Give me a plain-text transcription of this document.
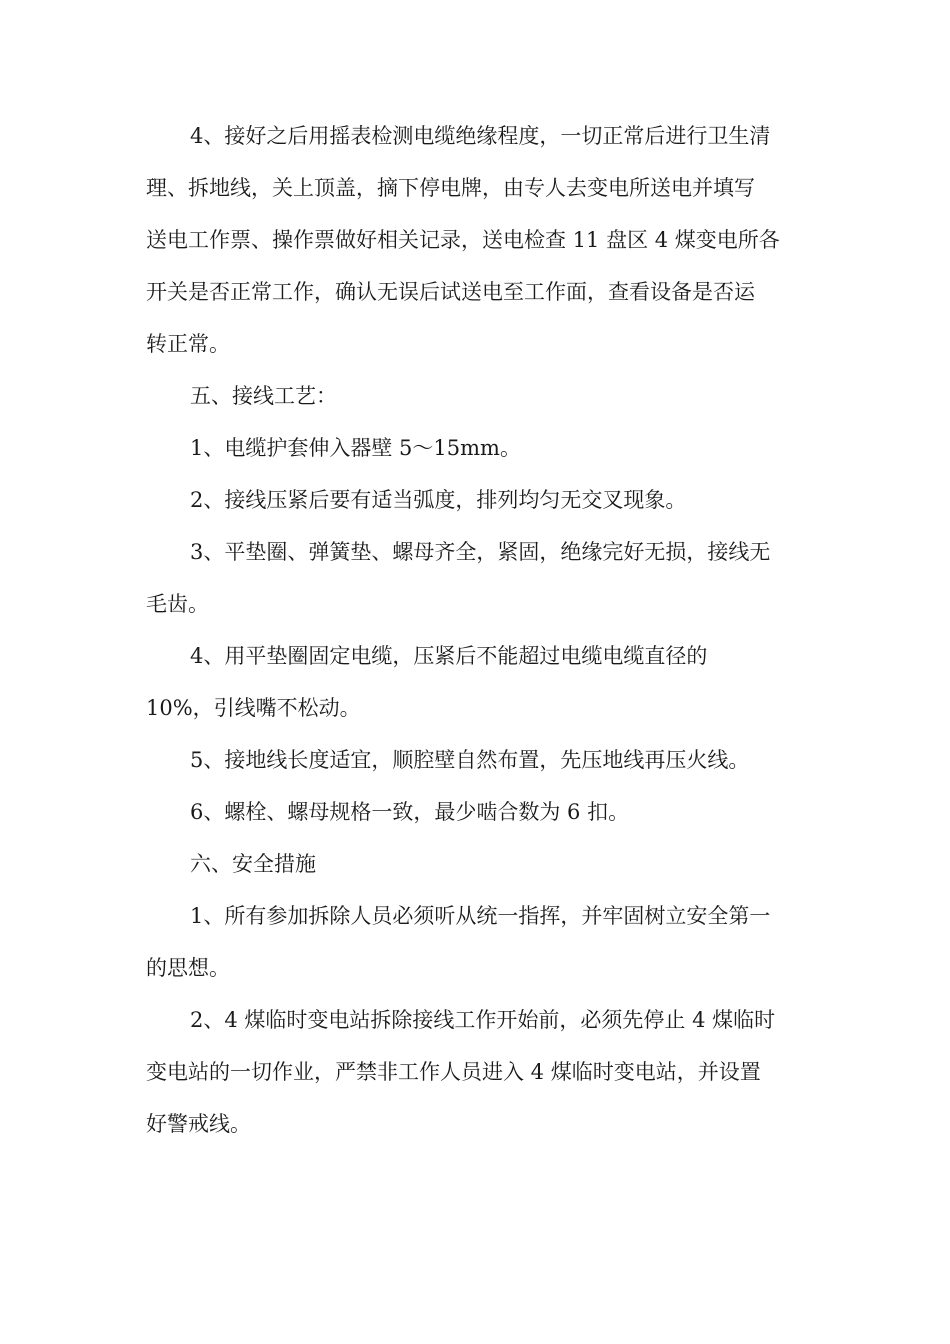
4、接好之后用摇表检测电缆绝缘程度，一切正常后进行卫生清
理、拆地线，关上顶盖，摘下停电牌，由专人去变电所送电并填写
送电工作票、操作票做好相关记录，送电检查 11 盘区 4 煤变电所各
开关是否正常工作，确认无误后试送电至工作面，查看设备是否运
转正常。
五、接线工艺：
1、电缆护套伸入器壁 5～15mm。
2、接线压紧后要有适当弧度，排列均匀无交叉现象。
3、平垫圈、弹簧垫、螺母齐全，紧固，绝缘完好无损，接线无
毛齿。
4、用平垫圈固定电缆，压紧后不能超过电缆电缆直径的
10%，引线嘴不松动。
5、接地线长度适宜，顺腔壁自然布置，先压地线再压火线。
6、螺栓、螺母规格一致，最少啮合数为 6 扣。
六、安全措施
1、所有参加拆除人员必须听从统一指挥，并牢固树立安全第一
的思想。
2、4 煤临时变电站拆除接线工作开始前，必须先停止 4 煤临时
变电站的一切作业，严禁非工作人员进入 4 煤临时变电站，并设置
好警戒线。
